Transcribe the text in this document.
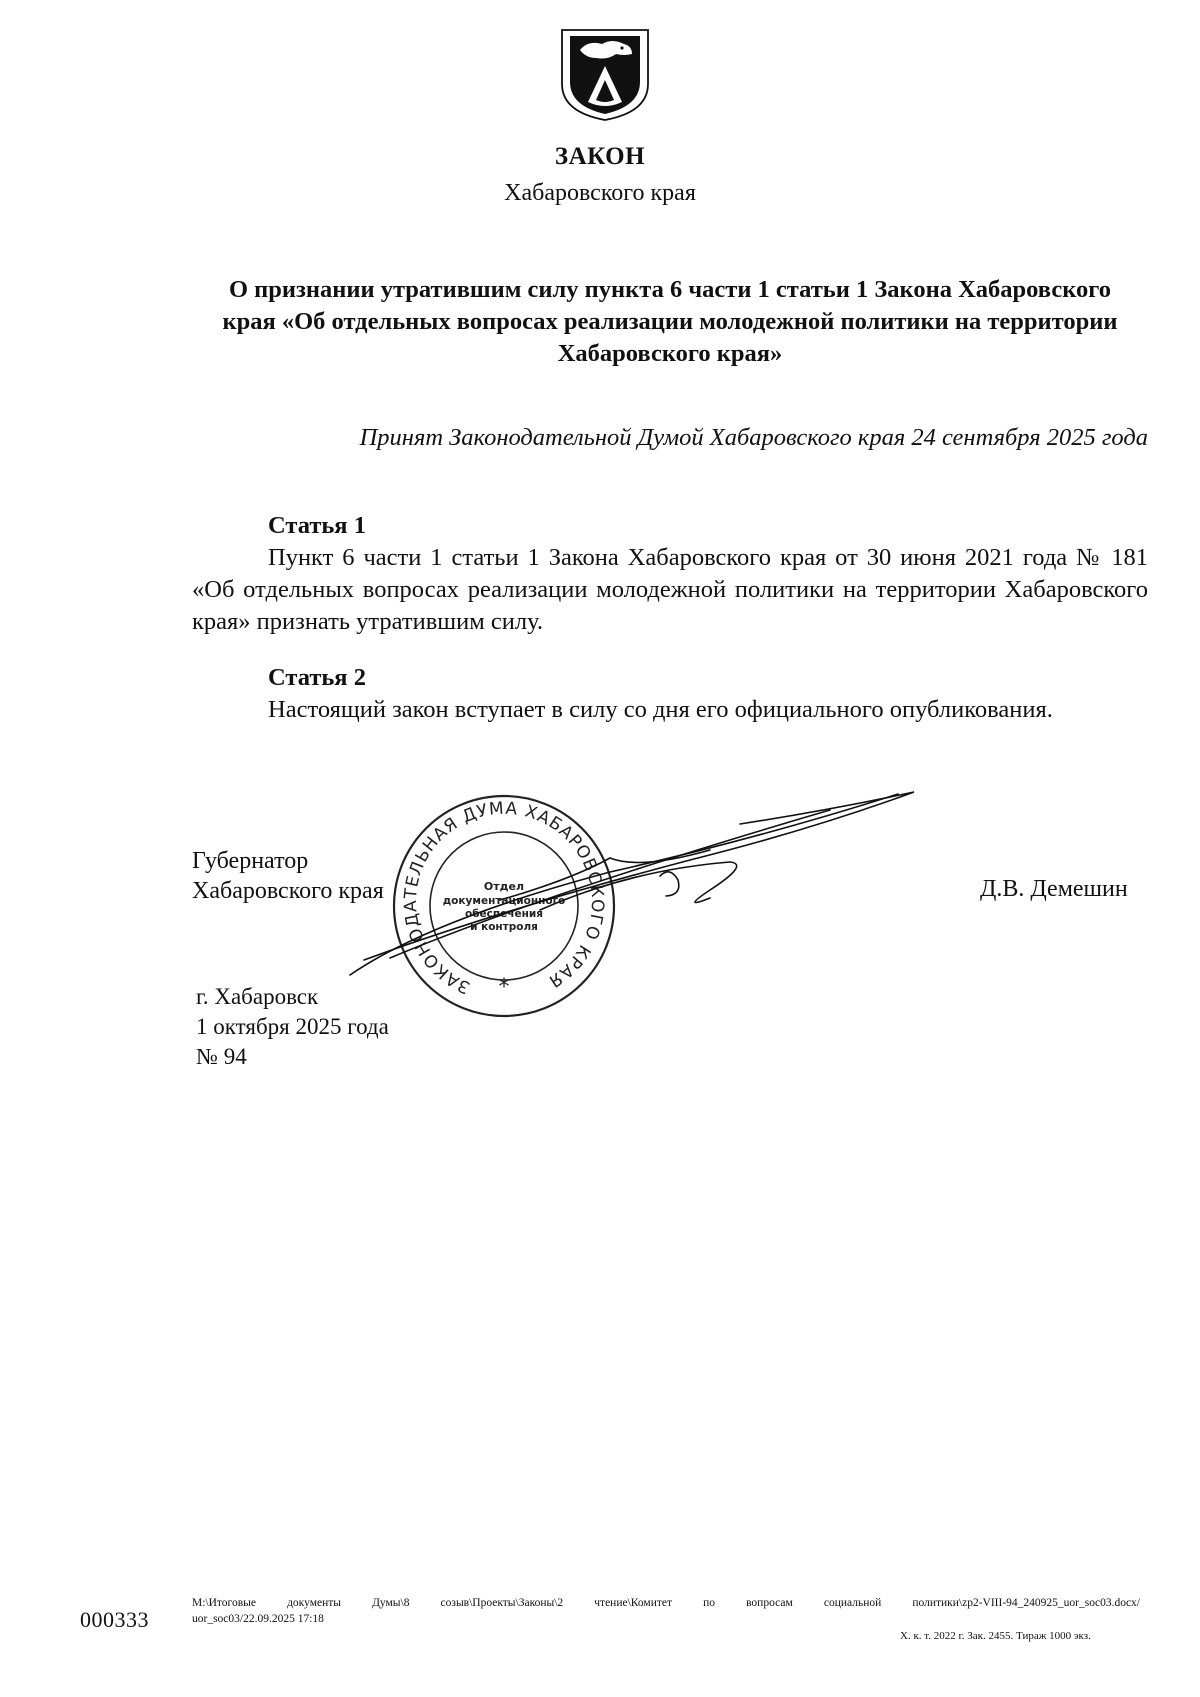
ЗАКОН
Хабаровского края
О признании утратившим силу пункта 6 части 1 статьи 1 Закона Хабаровского
края «Об отдельных вопросах реализации молодежной политики на территории
Хабаровского края»
Принят Законодательной Думой Хабаровского края 24 сентября 2025 года
Статья 1
Пункт 6 части 1 статьи 1 Закона Хабаровского края от 30 июня 2021 года № 181 «Об отдельных вопросах реализации молодежной политики на территории Хабаровского края» признать утратившим силу.
Статья 2
Настоящий закон вступает в силу со дня его официального опубликования.
Губернатор
Хабаровского края	Д.В. Демешин
г. Хабаровск
1 октября 2025 года
№ 94
ЗАКОНОДАТЕЛЬНАЯ ДУМА ХАБАРОВСКОГО КРАЯ
Отдел
документационного
обеспечения
и контроля
*
000333
М:\Итоговые документы Думы\8 созыв\Проекты\Законы\2 чтение\Комитет по вопросам социальной политики\zp2-VIII-94_240925_uor_soc03.docx/
uor_soc03/22.09.2025 17:18
Х. к. т. 2022 г. Зак. 2455. Тираж 1000 экз.
